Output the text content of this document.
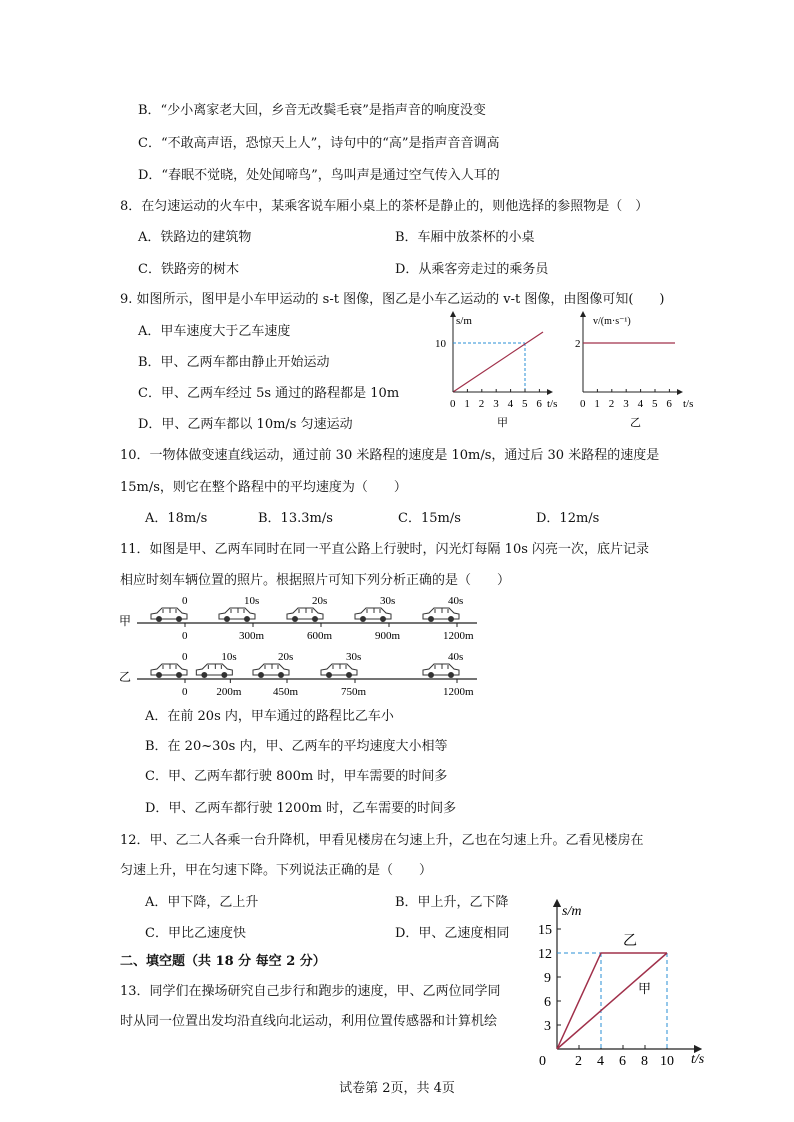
B．“少小离家老大回，乡音无改鬓毛衰”是指声音的响度没变
C．“不敢高声语，恐惊天上人”，诗句中的“高”是指声音音调高
D．“春眠不觉晓，处处闻啼鸟”，鸟叫声是通过空气传入人耳的
8．在匀速运动的火车中，某乘客说车厢小桌上的茶杯是静止的，则他选择的参照物是（　）
A．铁路边的建筑物	B．车厢中放茶杯的小桌
C．铁路旁的树木	D．从乘客旁走过的乘务员
9. 如图所示，图甲是小车甲运动的 s-t 图像，图乙是小车乙运动的 v-t 图像，由图像可知(　　)
A．甲车速度大于乙车速度
B．甲、乙两车都由静止开始运动
C．甲、乙两车经过 5s 通过的路程都是 10m
D．甲、乙两车都以 10m/s 匀速运动
s/m
10
0 1 2 3 4 5 6 t/s
甲
v/(m·s⁻¹)
2
0 1 2 3 4 5 6 t/s
乙
10．一物体做变速直线运动，通过前 30 米路程的速度是 10m/s，通过后 30 米路程的速度是
15m/s，则它在整个路程中的平均速度为（　　）
A．18m/s	B．13.3m/s	C．15m/s	D．12m/s
11．如图是甲、乙两车同时在同一平直公路上行驶时，闪光灯每隔 10s 闪亮一次，底片记录
相应时刻车辆位置的照片。根据照片可知下列分析正确的是（　　）
甲
0
0
10s
300m
20s
600m
30s
900m
40s
1200m
乙
0
0
10s
200m
20s
450m
30s
750m
40s
1200m
A．在前 20s 内，甲车通过的路程比乙车小
B．在 20~30s 内，甲、乙两车的平均速度大小相等
C．甲、乙两车都行驶 800m 时，甲车需要的时间多
D．甲、乙两车都行驶 1200m 时，乙车需要的时间多
12．甲、乙二人各乘一台升降机，甲看见楼房在匀速上升，乙也在匀速上升。乙看见楼房在
匀速上升，甲在匀速下降。下列说法正确的是（　　）
A．甲下降，乙上升	B．甲上升，乙下降
C．甲比乙速度快	D．甲、乙速度相同
二、填空题（共 18 分 每空 2 分）
13．同学们在操场研究自己步行和跑步的速度，甲、乙两位同学同
时从同一位置出发均沿直线向北运动，利用位置传感器和计算机绘
s/m
t/s
3
6
9
12
15
0 2 4 6 8 10
乙
甲
试卷第 2页，共 4页
